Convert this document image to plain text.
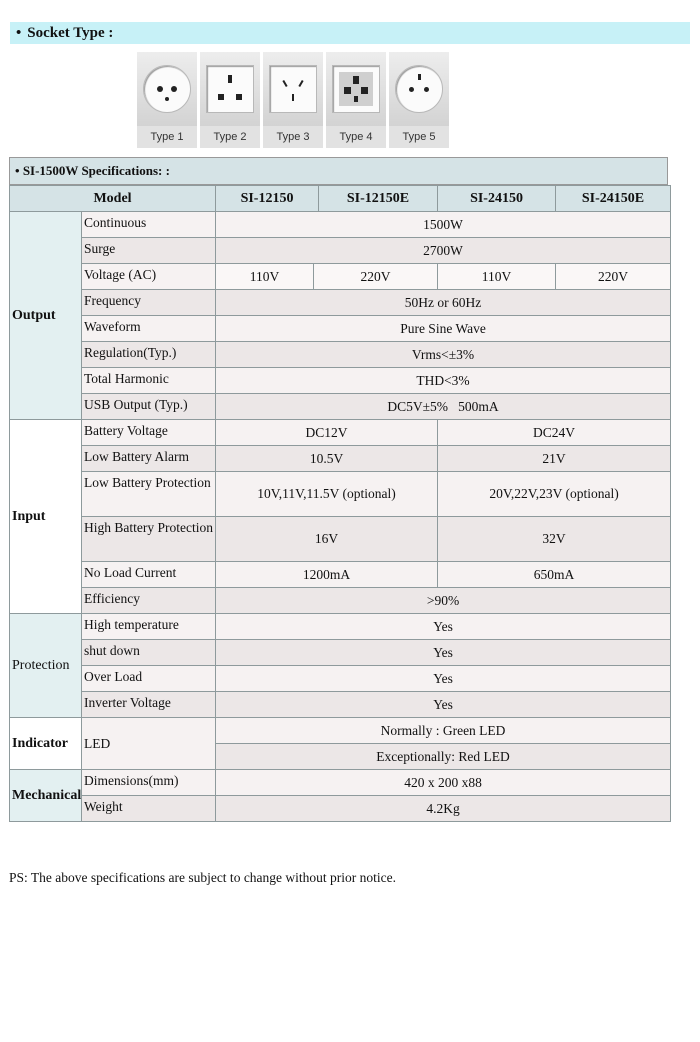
• Socket Type :
Type 1	Type 2	Type 3	Type 4	Type 5
• SI-1500W Specifications: :
Model		SI-12150		SI-12150E	SI-24150	SI-24150E
Output	Continuous	1500W				
	Surge	2700W				
	Voltage (AC)	110V	220V		110V	220V
	Frequency	50Hz or 60Hz				
	Waveform	Pure Sine Wave				
	Regulation(Typ.)	Vrms<±3%				
	Total Harmonic	THD<3%				
	USB Output (Typ.)	DC5V±5%   500mA				
Input	Battery Voltage	DC12V			DC24V	
	Low Battery Alarm	10.5V			21V	
	Low Battery Protection	10V,11V,11.5V (optional)			20V,22V,23V (optional)	
	High Battery Protection	16V			32V	
	No Load Current	1200mA			650mA	
	Efficiency	>90%				
Protection	High temperature	Yes				
	shut down	Yes				
	Over Load	Yes				
	Inverter Voltage	Yes				
Indicator	LED	Normally : Green LED				
		Exceptionally: Red LED				
Mechanical	Dimensions(mm)	420 x 200 x88				
	Weight	4.2Kg				
PS: The above specifications are subject to change without prior notice.
